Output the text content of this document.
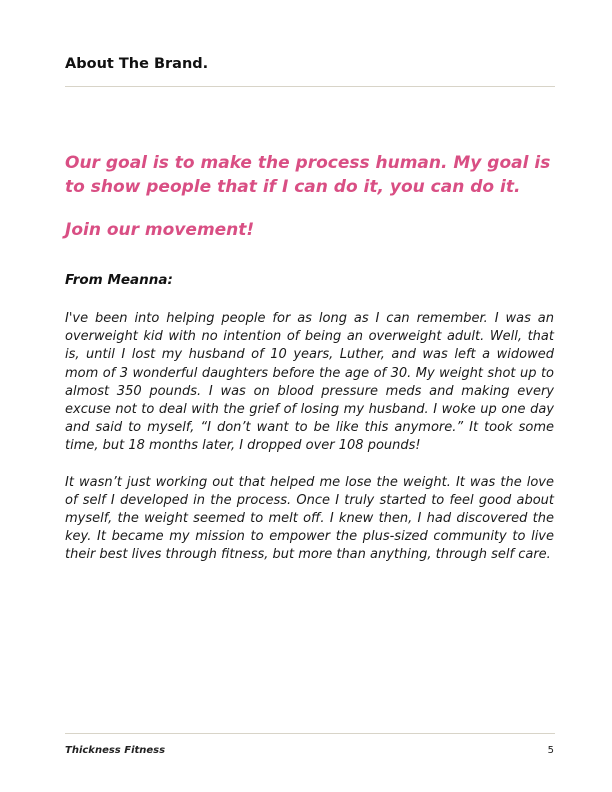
About The Brand.

Our goal is to make the process human. My goal is to show people that if I can do it, you can do it.

Join our movement!

From Meanna:

I've been into helping people for as long as I can remember. I was an overweight kid with no intention of being an overweight adult. Well, that is, until I lost my husband of 10 years, Luther, and was left a widowed mom of 3 wonderful daughters before the age of 30. My weight shot up to almost 350 pounds. I was on blood pressure meds and making every excuse not to deal with the grief of losing my husband. I woke up one day and said to myself, “I don’t want to be like this anymore.” It took some time, but 18 months later, I dropped over 108 pounds!

It wasn’t just working out that helped me lose the weight. It was the love of self I developed in the process. Once I truly started to feel good about myself, the weight seemed to melt off. I knew then, I had discovered the key. It became my mission to empower the plus-sized community to live their best lives through fitness, but more than anything, through self care.

Thickness Fitness	5
